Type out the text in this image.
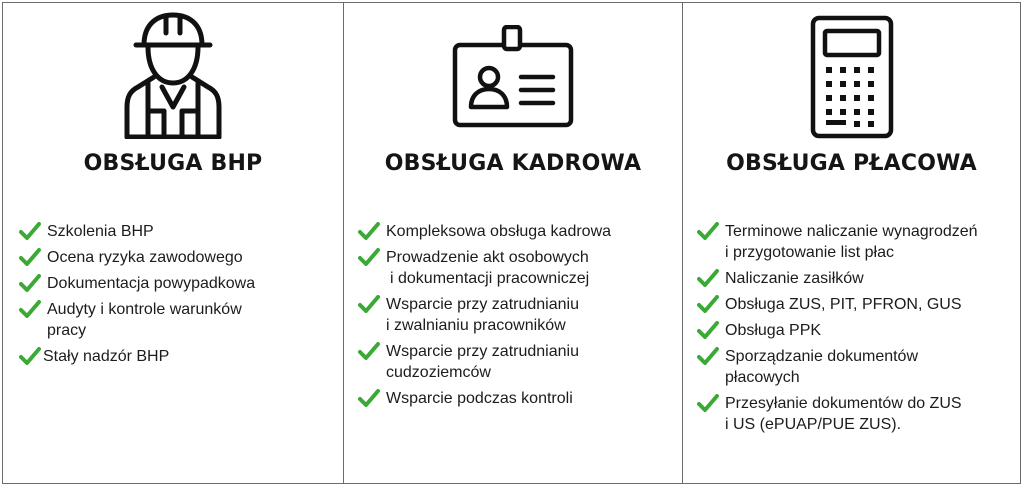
OBSŁUGA BHP
Szkolenia BHP
Ocena ryzyka zawodowego
Dokumentacja powypadkowa
Audyty i kontrole warunków
pracy
Stały nadzór BHP
OBSŁUGA KADROWA
Kompleksowa obsługa kadrowa
Prowadzenie akt osobowych
i dokumentacji pracowniczej
Wsparcie przy zatrudnianiu
i zwalnianiu pracowników
Wsparcie przy zatrudnianiu
cudzoziemców
Wsparcie podczas kontroli
OBSŁUGA PŁACOWA
Terminowe naliczanie wynagrodzeń
i przygotowanie list płac
Naliczanie zasiłków
Obsługa ZUS, PIT, PFRON, GUS
Obsługa PPK
Sporządzanie dokumentów
płacowych
Przesyłanie dokumentów do ZUS
i US (ePUAP/PUE ZUS).
